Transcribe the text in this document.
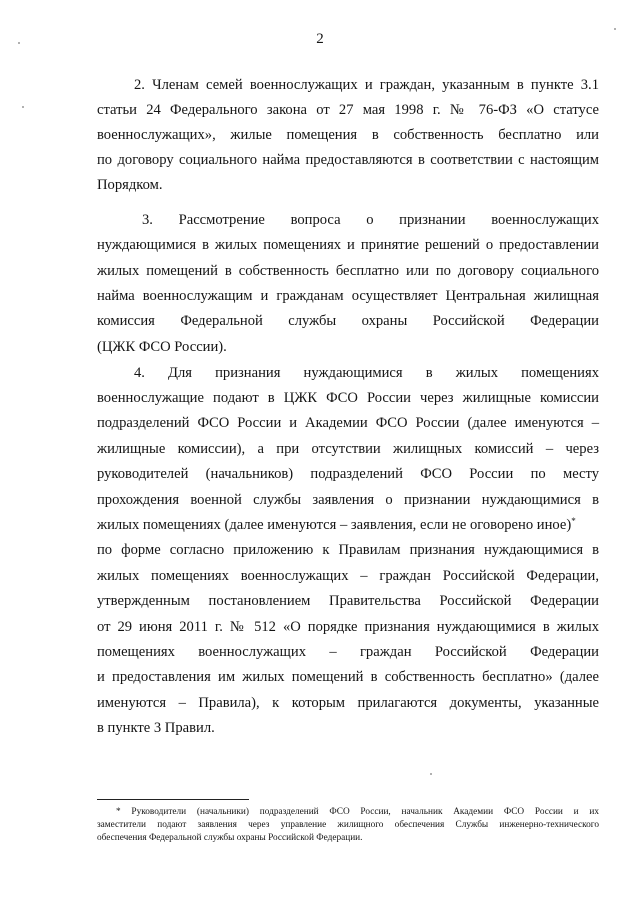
2
2. Членам семей военнослужащих и граждан, указанным в пункте 3.1
статьи 24 Федерального закона от 27 мая 1998 г. № 76-ФЗ «О статусе
военнослужащих», жилые помещения в собственность бесплатно или
по договору социального найма предоставляются в соответствии с настоящим
Порядком.
3. Рассмотрение вопроса о признании военнослужащих
нуждающимися в жилых помещениях и принятие решений о предоставлении
жилых помещений в собственность бесплатно или по договору социального
найма военнослужащим и гражданам осуществляет Центральная жилищная
комиссия Федеральной службы охраны Российской Федерации
(ЦЖК ФСО России).
4. Для признания нуждающимися в жилых помещениях
военнослужащие подают в ЦЖК ФСО России через жилищные комиссии
подразделений ФСО России и Академии ФСО России (далее именуются –
жилищные комиссии), а при отсутствии жилищных комиссий – через
руководителей (начальников) подразделений ФСО России по месту
прохождения военной службы заявления о признании нуждающимися в
жилых помещениях (далее именуются – заявления, если не оговорено иное)*
по форме согласно приложению к Правилам признания нуждающимися в
жилых помещениях военнослужащих – граждан Российской Федерации,
утвержденным постановлением Правительства Российской Федерации
от 29 июня 2011 г. № 512 «О порядке признания нуждающимися в жилых
помещениях военнослужащих – граждан Российской Федерации
и предоставления им жилых помещений в собственность бесплатно» (далее
именуются – Правила), к которым прилагаются документы, указанные
в пункте 3 Правил.
* Руководители (начальники) подразделений ФСО России, начальник Академии ФСО России и их
заместители подают заявления через управление жилищного обеспечения Службы инженерно-технического
обеспечения Федеральной службы охраны Российской Федерации.
